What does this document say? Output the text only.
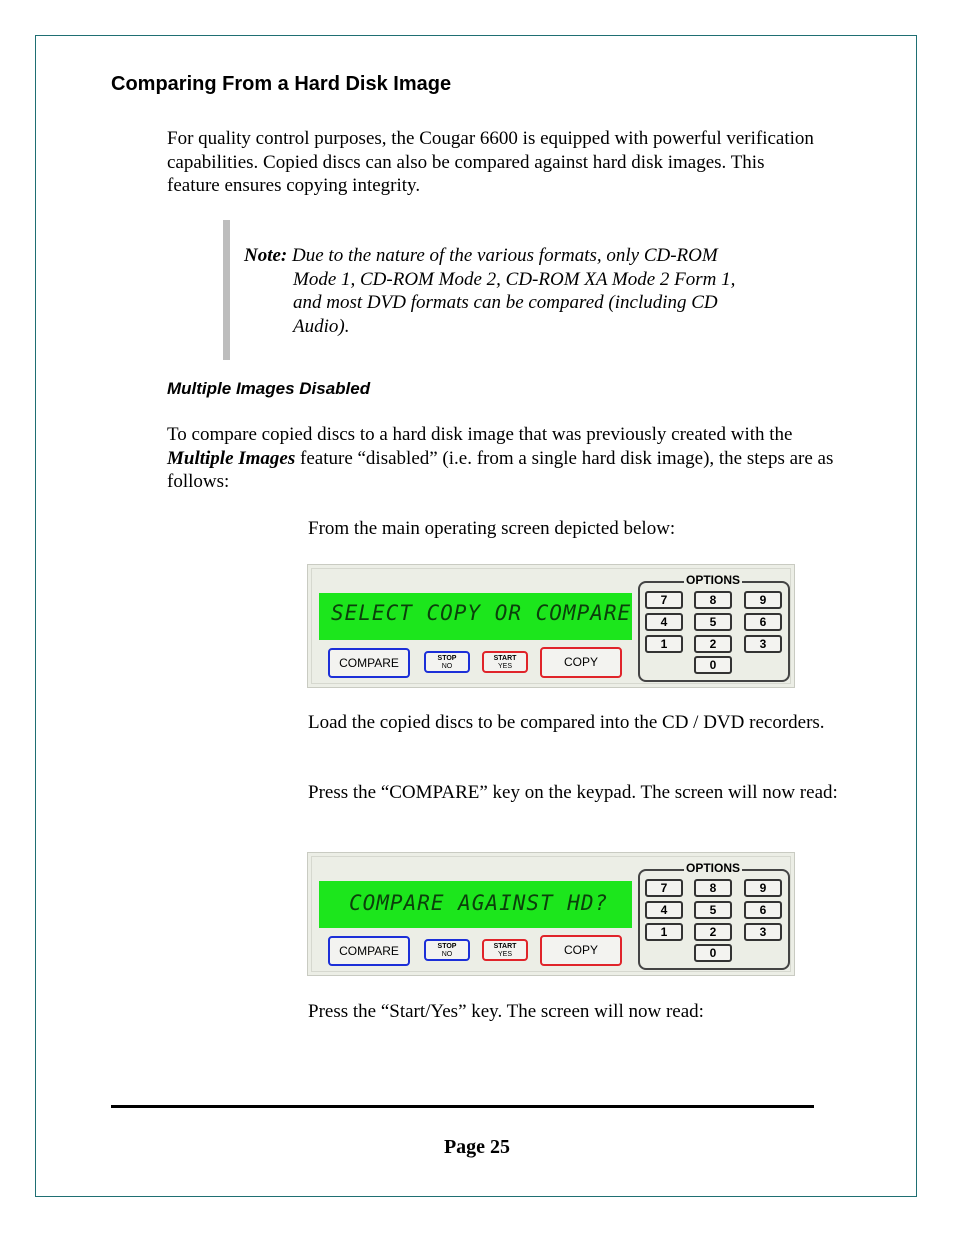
Comparing From a Hard Disk Image

For quality control purposes, the Cougar 6600 is equipped with powerful verification capabilities. Copied discs can also be compared against hard disk images. This feature ensures copying integrity.

Note: Due to the nature of the various formats, only CD-ROM
Mode 1, CD-ROM Mode 2, CD-ROM XA Mode 2 Form 1,
and most DVD formats can be compared (including CD
Audio).
Multiple Images Disabled

To compare copied discs to a hard disk image that was previously created with the Multiple Images feature “disabled” (i.e. from a single hard disk image), the steps are as follows:

From the main operating screen depicted below:

SELECT COPY OR COMPARE
COMPARE	STOP
NO
START
YES	COPY
OPTIONS
7	8	9
4	5	6
1	2	3
0

Load the copied discs to be compared into the CD / DVD recorders.

Press the “COMPARE” key on the keypad. The screen will now read:

COMPARE AGAINST HD?
COMPARE	STOP
NO
START
YES	COPY
OPTIONS
7	8	9
4	5	6
1	2	3
0

Press the “Start/Yes” key. The screen will now read:

Page 25
